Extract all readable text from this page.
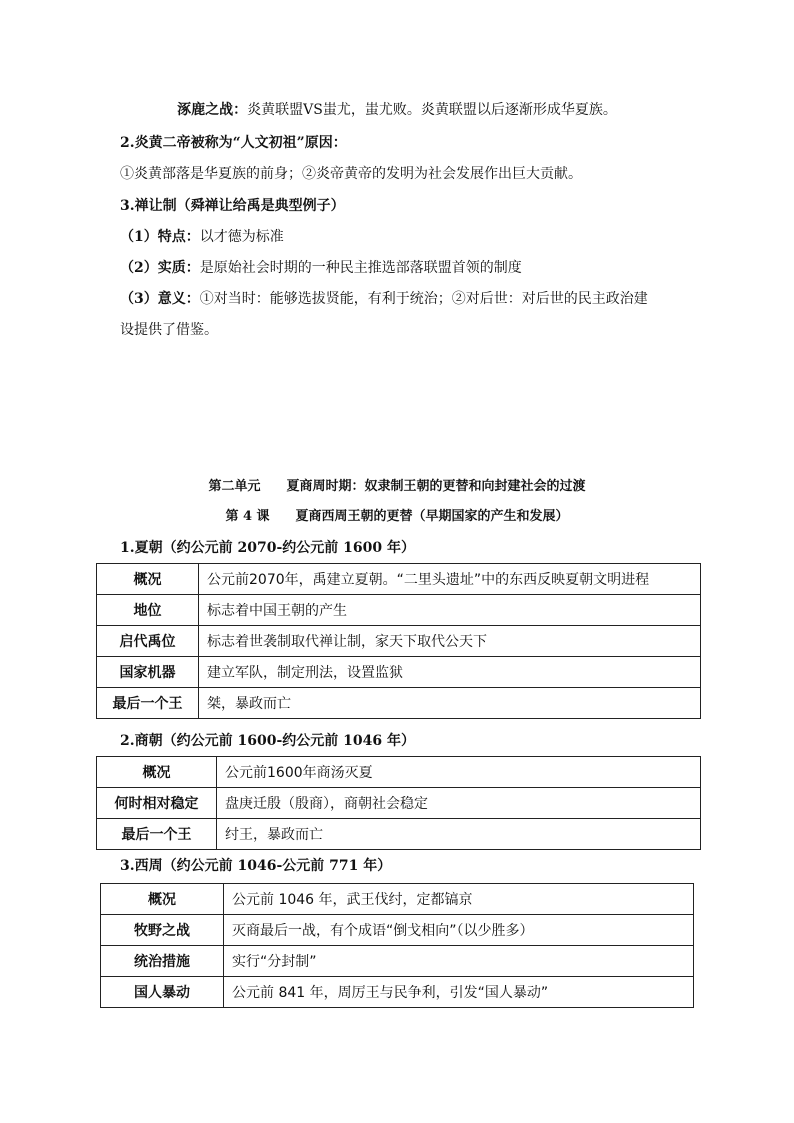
涿鹿之战：炎黄联盟VS蚩尤，蚩尤败。炎黄联盟以后逐渐形成华夏族。
2.炎黄二帝被称为“人文初祖”原因：
①炎黄部落是华夏族的前身；②炎帝黄帝的发明为社会发展作出巨大贡献。
3.禅让制（舜禅让给禹是典型例子）
（1）特点：以才德为标准
（2）实质：是原始社会时期的一种民主推选部落联盟首领的制度
（3）意义：①对当时：能够选拔贤能，有利于统治；②对后世：对后世的民主政治建
设提供了借鉴。
第二单元　　夏商周时期：奴隶制王朝的更替和向封建社会的过渡
第 4 课　　夏商西周王朝的更替（早期国家的产生和发展）
1.夏朝（约公元前 2070-约公元前 1600 年）
概况	公元前2070年，禹建立夏朝。“二里头遗址”中的东西反映夏朝文明进程
地位	标志着中国王朝的产生
启代禹位	标志着世袭制取代禅让制，家天下取代公天下
国家机器	建立军队，制定刑法，设置监狱
最后一个王	桀，暴政而亡
2.商朝（约公元前 1600-约公元前 1046 年）
概况	公元前1600年商汤灭夏
何时相对稳定	盘庚迁殷（殷商），商朝社会稳定
最后一个王	纣王，暴政而亡
3.西周（约公元前 1046-公元前 771 年）
概况	公元前 1046 年，武王伐纣，定都镐京
牧野之战	灭商最后一战，有个成语“倒戈相向”（以少胜多）
统治措施	实行“分封制”
国人暴动	公元前 841 年，周厉王与民争利，引发“国人暴动”
